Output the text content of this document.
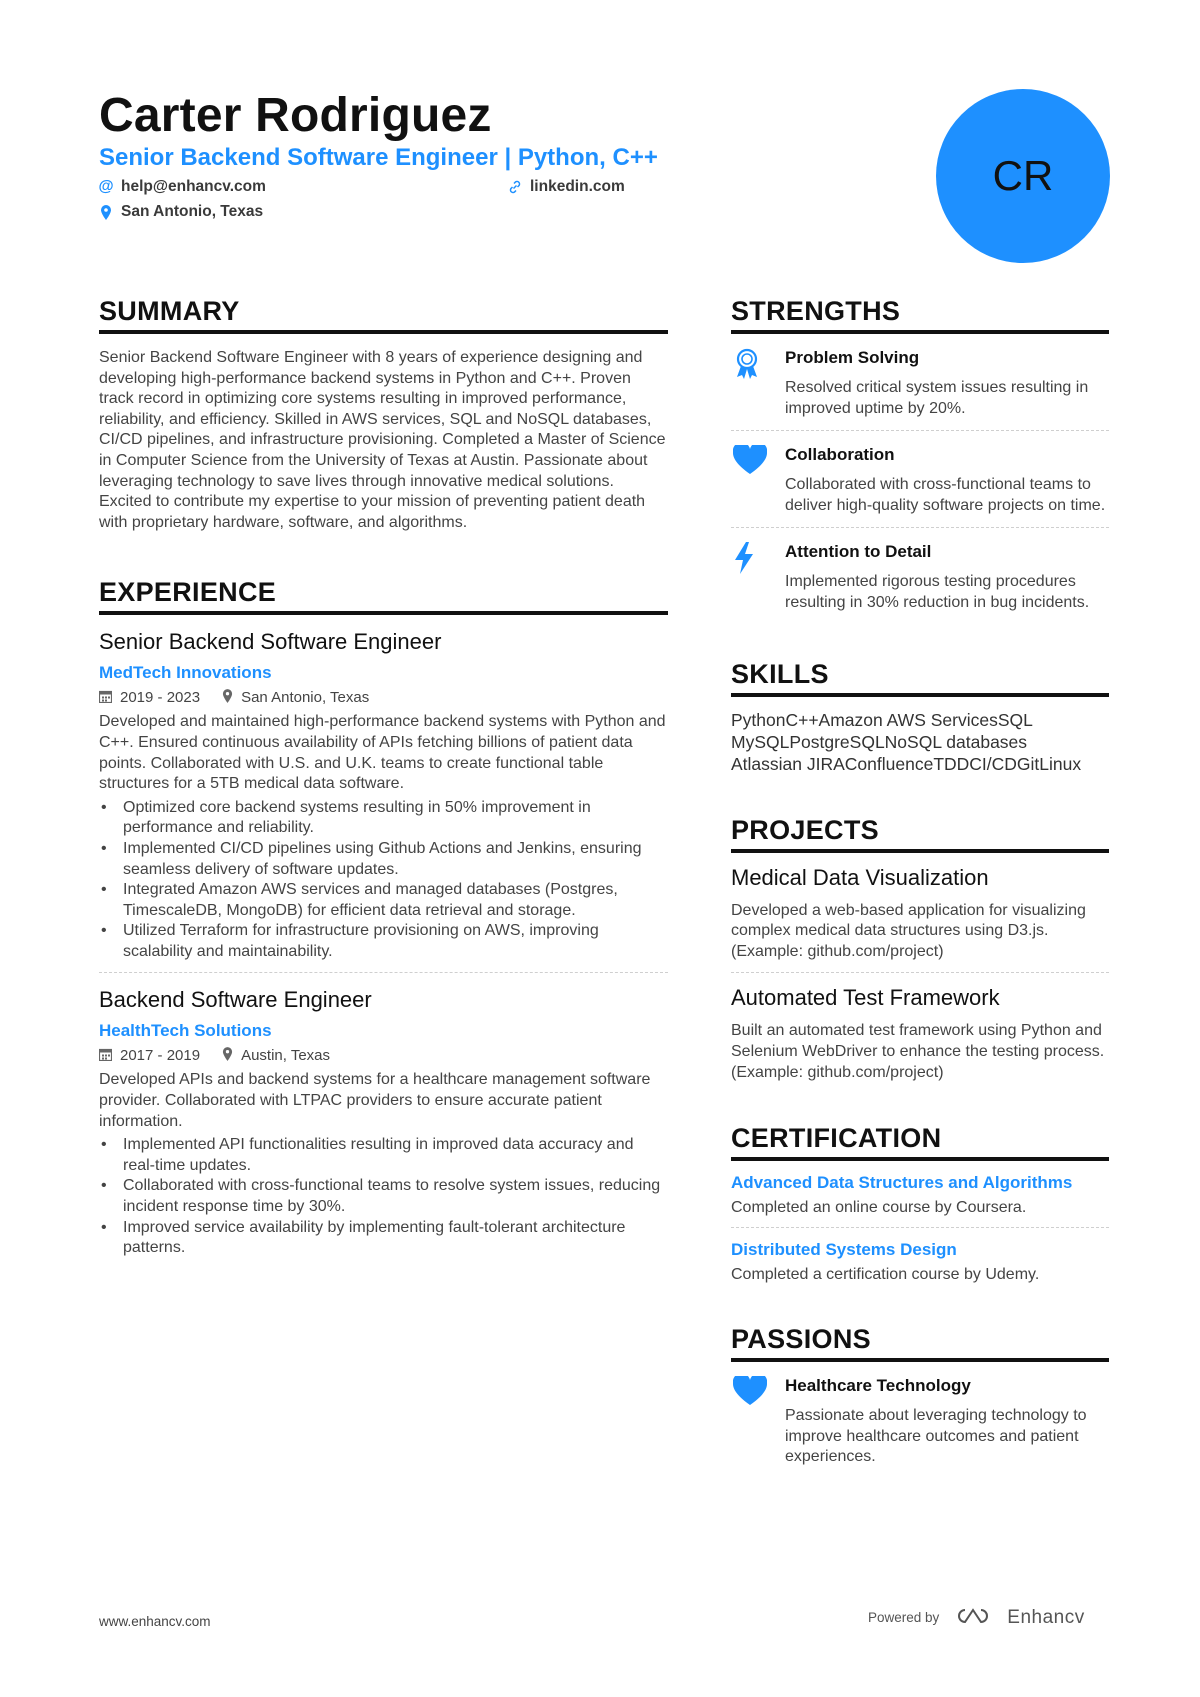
Carter Rodriguez
Senior Backend Software Engineer | Python, C++
@ help@enhancv.com	linkedin.com
San Antonio, Texas
CR
SUMMARY
Senior Backend Software Engineer with 8 years of experience designing and developing high-performance backend systems in Python and C++. Proven track record in optimizing core systems resulting in improved performance, reliability, and efficiency. Skilled in AWS services, SQL and NoSQL databases, CI/CD pipelines, and infrastructure provisioning. Completed a Master of Science in Computer Science from the University of Texas at Austin. Passionate about leveraging technology to save lives through innovative medical solutions. Excited to contribute my expertise to your mission of preventing patient death with proprietary hardware, software, and algorithms.
EXPERIENCE
Senior Backend Software Engineer
MedTech Innovations
2019 - 2023	San Antonio, Texas
Developed and maintained high-performance backend systems with Python and C++. Ensured continuous availability of APIs fetching billions of patient data points. Collaborated with U.S. and U.K. teams to create functional table structures for a 5TB medical data software.
• Optimized core backend systems resulting in 50% improvement in performance and reliability.
• Implemented CI/CD pipelines using Github Actions and Jenkins, ensuring seamless delivery of software updates.
• Integrated Amazon AWS services and managed databases (Postgres, TimescaleDB, MongoDB) for efficient data retrieval and storage.
• Utilized Terraform for infrastructure provisioning on AWS, improving scalability and maintainability.
Backend Software Engineer
HealthTech Solutions
2017 - 2019	Austin, Texas
Developed APIs and backend systems for a healthcare management software provider. Collaborated with LTPAC providers to ensure accurate patient information.
• Implemented API functionalities resulting in improved data accuracy and real-time updates.
• Collaborated with cross-functional teams to resolve system issues, reducing incident response time by 30%.
• Improved service availability by implementing fault-tolerant architecture patterns.
STRENGTHS
Problem Solving
Resolved critical system issues resulting in improved uptime by 20%.
Collaboration
Collaborated with cross-functional teams to deliver high-quality software projects on time.
Attention to Detail
Implemented rigorous testing procedures resulting in 30% reduction in bug incidents.
SKILLS
PythonC++Amazon AWS ServicesSQL
MySQLPostgreSQLNoSQL databases
Atlassian JIRAConfluenceTDDCI/CDGitLinux
PROJECTS
Medical Data Visualization
Developed a web-based application for visualizing complex medical data structures using D3.js. (Example: github.com/project)
Automated Test Framework
Built an automated test framework using Python and Selenium WebDriver to enhance the testing process. (Example: github.com/project)
CERTIFICATION
Advanced Data Structures and Algorithms
Completed an online course by Coursera.
Distributed Systems Design
Completed a certification course by Udemy.
PASSIONS
Healthcare Technology
Passionate about leveraging technology to improve healthcare outcomes and patient experiences.
www.enhancv.com	Powered by	Enhancv
